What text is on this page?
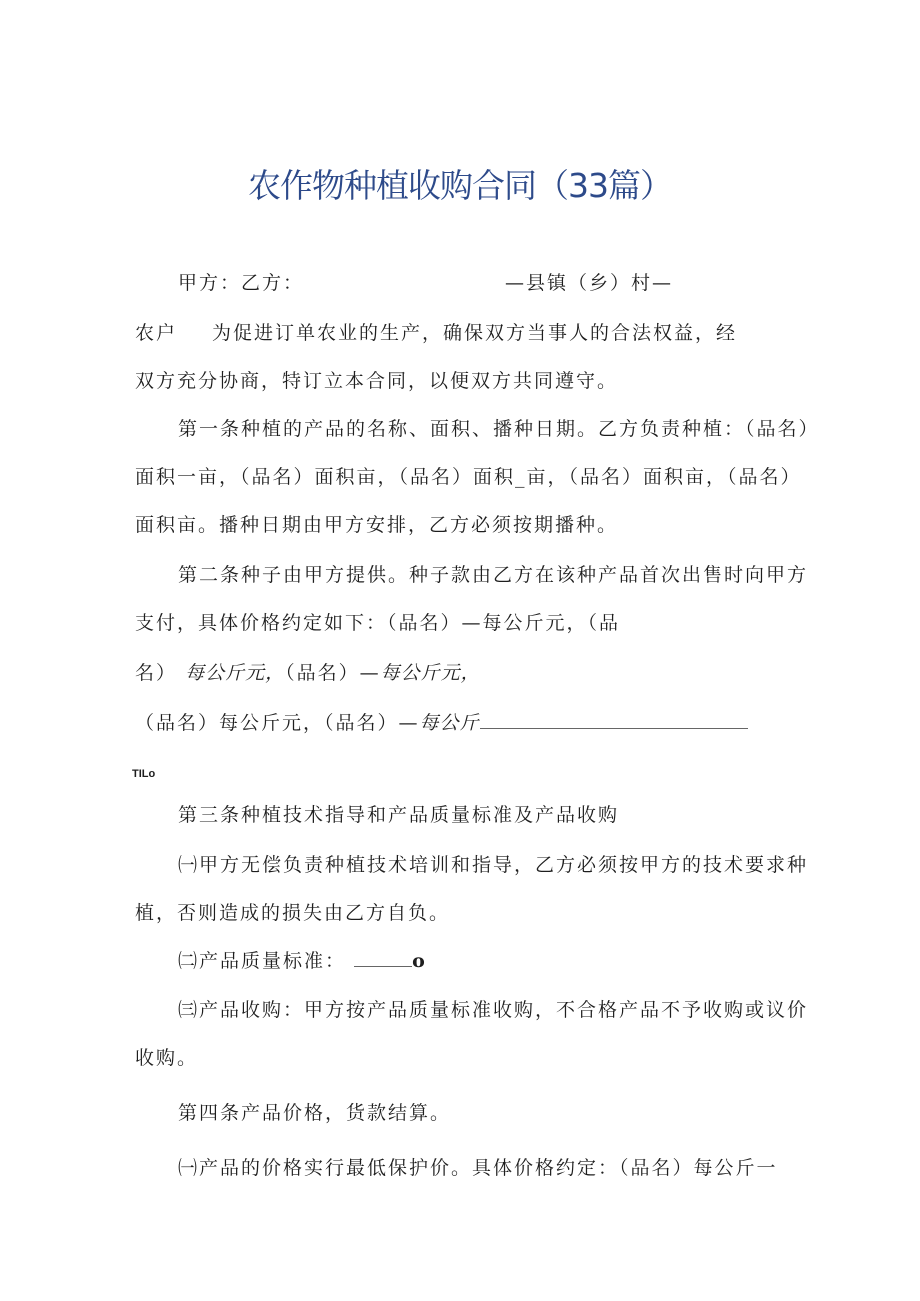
农作物种植收购合同（33篇）
甲方：乙方：	—县镇（乡）村—
农户 为促进订单农业的生产，确保双方当事人的合法权益，经
双方充分协商，特订立本合同，以便双方共同遵守。
第一条种植的产品的名称、面积、播种日期。乙方负责种植：（品名）
面积一亩，（品名）面积亩，（品名）面积_亩，（品名）面积亩，（品名）
面积亩。播种日期由甲方安排，乙方必须按期播种。
第二条种子由甲方提供。种子款由乙方在该种产品首次出售时向甲方
支付，具体价格约定如下：（品名）—每公斤元，（品
名） 每公斤元，（品名）—每公斤元，
（品名）每公斤元，（品名）—每公斤
TILo
第三条种植技术指导和产品质量标准及产品收购
㈠甲方无偿负责种植技术培训和指导，乙方必须按甲方的技术要求种
植，否则造成的损失由乙方自负。
㈡产品质量标准：	o
㈢产品收购：甲方按产品质量标准收购，不合格产品不予收购或议价
收购。
第四条产品价格，货款结算。
㈠产品的价格实行最低保护价。具体价格约定：（品名）每公斤一
